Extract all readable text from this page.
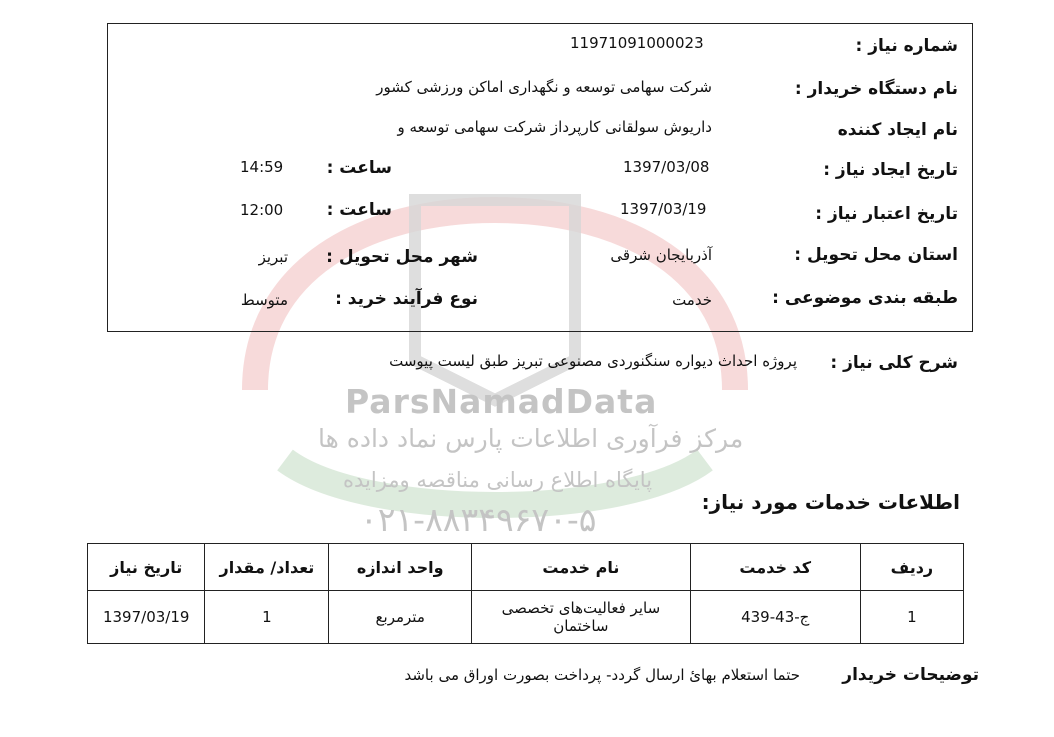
ParsNamadData
مرکز فرآوری اطلاعات پارس نماد داده ها
پایگاه اطلاع رسانی مناقصه ومزایده
۰۲۱-۸۸۳۴۹۶۷۰-۵
شماره نیاز :
11971091000023
نام دستگاه خریدار :
شرکت سهامی توسعه و نگهداری اماکن ورزشی کشور
نام ایجاد کننده
داریوش سولقانی کارپرداز شرکت سهامی توسعه و
تاریخ ایجاد نیاز :
1397/03/08
ساعت :
14:59
تاریخ اعتبار نیاز :
1397/03/19
ساعت :
12:00
استان محل تحویل :
آذربایجان شرقی
شهر محل تحویل :
تبریز
طبقه بندی موضوعی :
خدمت
نوع فرآیند خرید :
متوسط
شرح کلی نیاز :
پروژه احداث دیواره سنگنوردی مصنوعی تبریز طبق لیست پیوست
اطلاعات خدمات مورد نیاز:
ردیف	کد خدمت	نام خدمت	واحد اندازه	تعداد/ مقدار	تاریخ نیاز
1	ج-43-439	سایر فعالیت‌های تخصصی ساختمان	مترمربع	1	1397/03/19
توضیحات خریدار
حتما استعلام بهائ ارسال گردد- پرداخت بصورت اوراق می باشد
